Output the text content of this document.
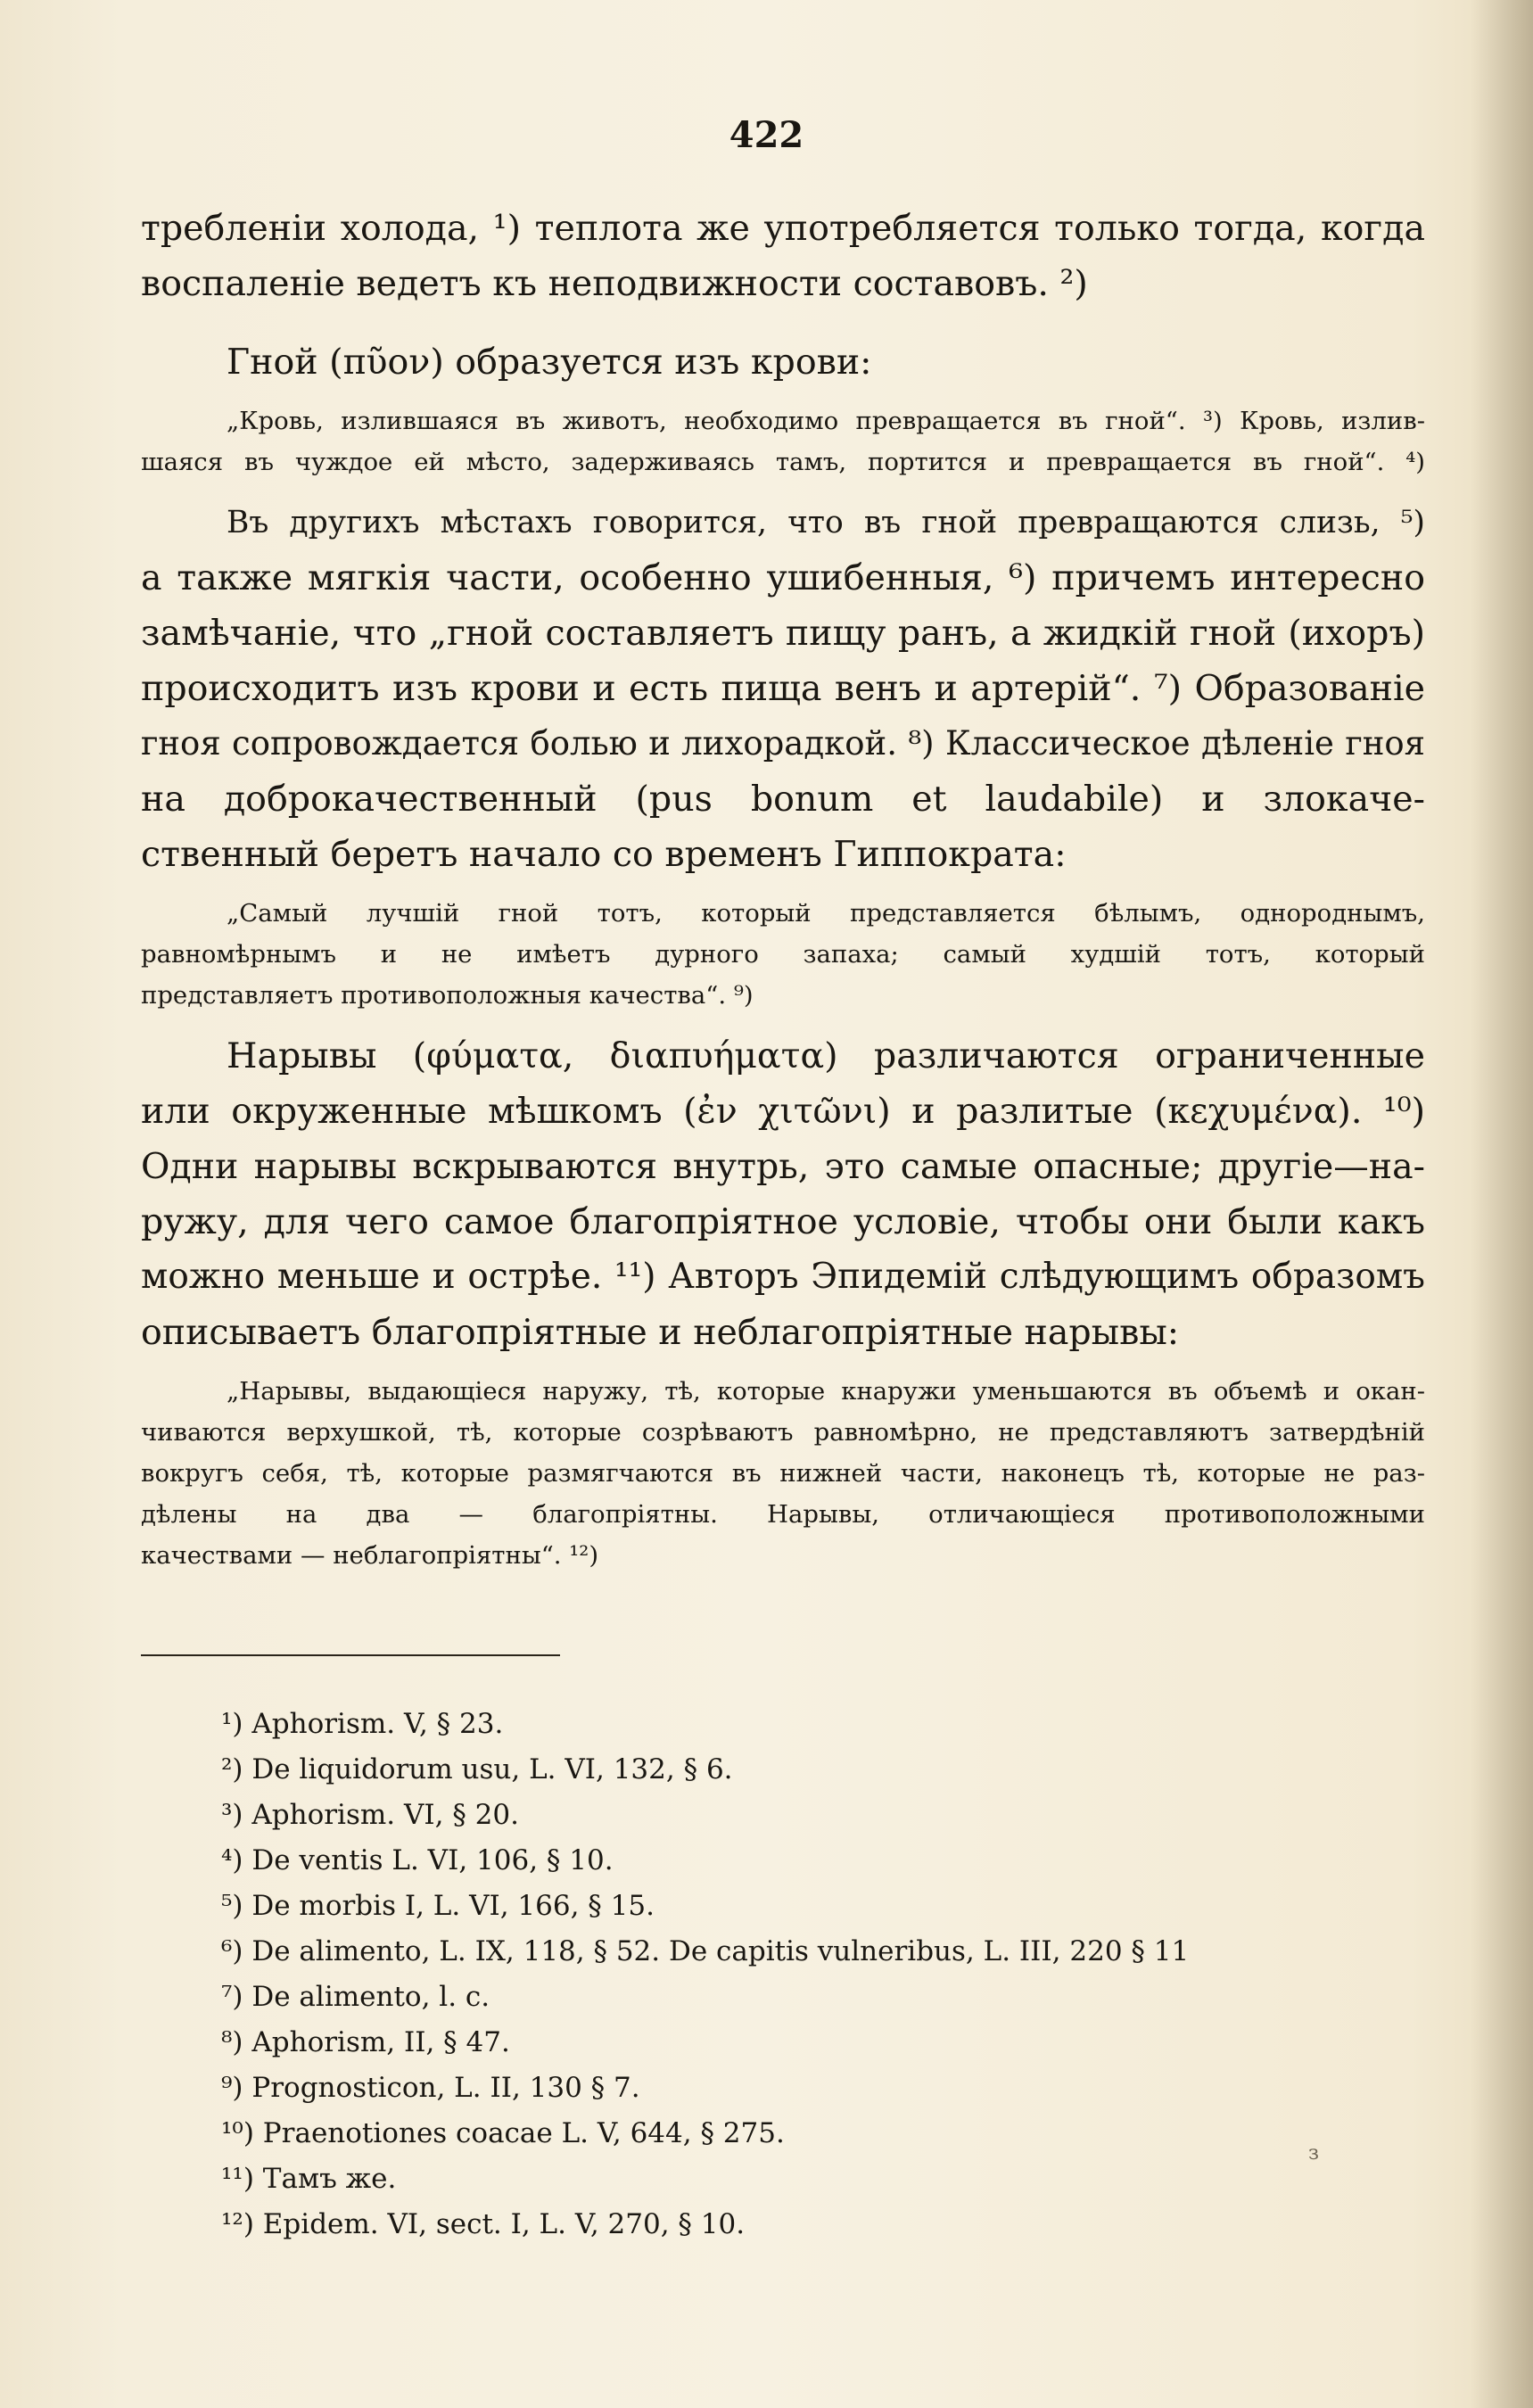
422
требленіи холода, ¹) теплота же употребляется только тогда, когда
воспаленіе ведетъ къ неподвижности составовъ. ²)
Гной (πῦον) образуется изъ крови:
„Кровь, излившаяся въ животъ, необходимо превращается въ гной“. ³) Кровь, излив-
шаяся въ чуждое ей мѣсто, задерживаясь тамъ, портится и превращается въ гной“. ⁴)
Въ другихъ мѣстахъ говорится, что въ гной превращаются слизь, ⁵)
а также мягкія части, особенно ушибенныя, ⁶) причемъ интересно
замѣчаніе, что „гной составляетъ пищу ранъ, а жидкій гной (ихоръ)
происходитъ изъ крови и есть пища венъ и артерій“. ⁷) Образованіе
гноя сопровождается болью и лихорадкой. ⁸) Классическое дѣленіе гноя
на доброкачественный (pus bonum et laudabile) и злокаче-
ственный беретъ начало со временъ Гиппократа:
„Самый лучшій гной тотъ, который представляется бѣлымъ, однороднымъ,
равномѣрнымъ и не имѣетъ дурного запаха; самый худшій тотъ, который
представляетъ противоположныя качества“. ⁹)
Нарывы (φύματα, διαπυήματα) различаются ограниченные
или окруженные мѣшкомъ (ἐν χιτῶνι) и разлитые (κεχυμένα). ¹⁰)
Одни нарывы вскрываются внутрь, это самые опасные; другіе—на-
ружу, для чего самое благопріятное условіе, чтобы они были какъ
можно меньше и острѣе. ¹¹) Авторъ Эпидемій слѣдующимъ образомъ
описываетъ благопріятные и неблагопріятные нарывы:
„Нарывы, выдающіеся наружу, тѣ, которые кнаружи уменьшаются въ объемѣ и окан-
чиваются верхушкой, тѣ, которые созрѣваютъ равномѣрно, не представляютъ затвердѣній
вокругъ себя, тѣ, которые размягчаются въ нижней части, наконецъ тѣ, которые не раз-
дѣлены на два — благопріятны. Нарывы, отличающіеся противоположными
качествами — неблагопріятны“. ¹²)
¹) Aphorism. V, § 23.
²) De liquidorum usu, L. VI, 132, § 6.
³) Aphorism. VI, § 20.
⁴) De ventis L. VI, 106, § 10.
⁵) De morbis I, L. VI, 166, § 15.
⁶) De alimento, L. IX, 118, § 52. De capitis vulneribus, L. III, 220 § 11
⁷) De alimento, l. c.
⁸) Aphorism, II, § 47.
⁹) Prognosticon, L. II, 130 § 7.
¹⁰) Praenotiones coacae L. V, 644, § 275.
¹¹) Тамъ же.
¹²) Epidem. VI, sect. I, L. V, 270, § 10.
з
